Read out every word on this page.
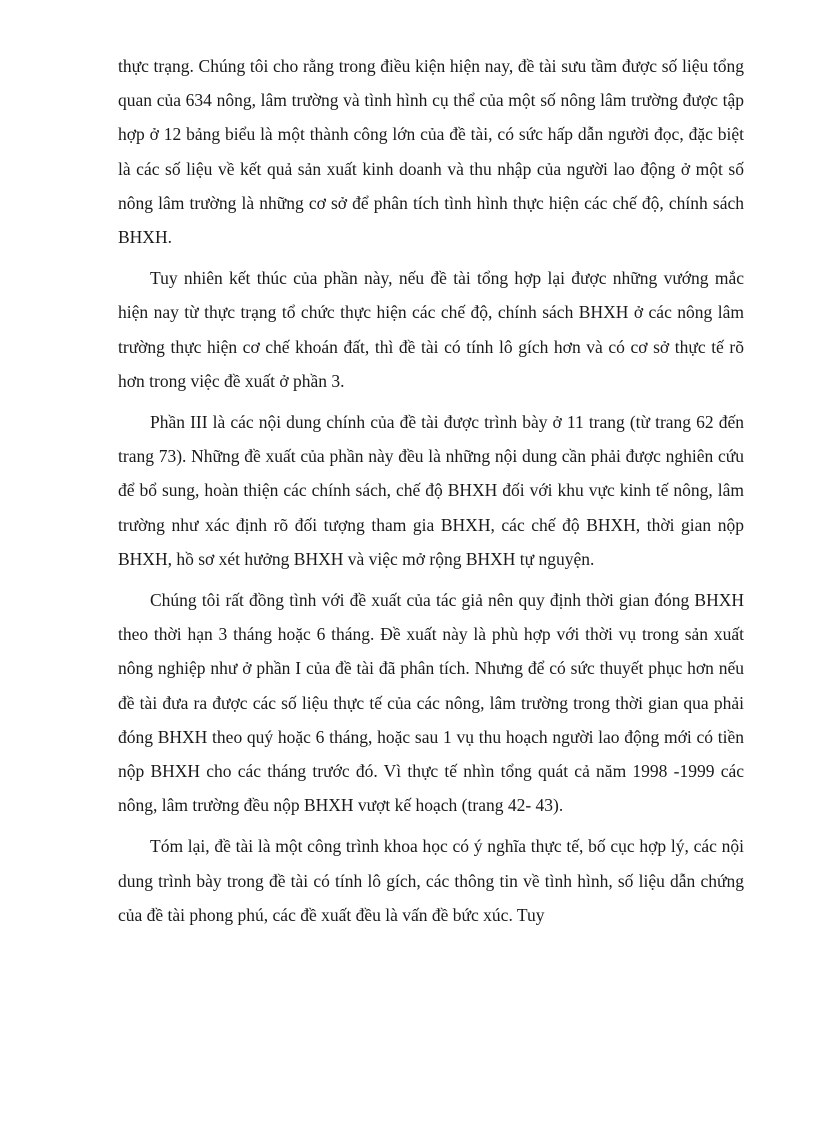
thực trạng. Chúng tôi cho rằng trong điều kiện hiện nay, đề tài sưu tầm được số liệu tổng quan của 634 nông, lâm trường và tình hình cụ thể của một số nông lâm trường được tập hợp ở 12 bảng biểu là một thành công lớn của đề tài, có sức hấp dẫn người đọc, đặc biệt là các số liệu về kết quả sản xuất kinh doanh và thu nhập của người lao động ở một số nông lâm trường là những cơ sở để phân tích tình hình thực hiện các chế độ, chính sách BHXH.

Tuy nhiên kết thúc của phần này, nếu đề tài tổng hợp lại được những vướng mắc hiện nay từ thực trạng tổ chức thực hiện các chế độ, chính sách BHXH ở các nông lâm trường thực hiện cơ chế khoán đất, thì đề tài có tính lô gích hơn và có cơ sở thực tế rõ hơn trong việc đề xuất ở phần 3.

Phần III là các nội dung chính của đề tài được trình bày ở 11 trang (từ trang 62 đến trang 73). Những đề xuất của phần này đều là những nội dung cần phải được nghiên cứu để bổ sung, hoàn thiện các chính sách, chế độ BHXH đối với khu vực kinh tế nông, lâm trường như xác định rõ đối tượng tham gia BHXH, các chế độ BHXH, thời gian nộp BHXH, hồ sơ xét hưởng BHXH và việc mở rộng BHXH tự nguyện.

Chúng tôi rất đồng tình với đề xuất của tác giả nên quy định thời gian đóng BHXH theo thời hạn 3 tháng hoặc 6 tháng. Đề xuất này là phù hợp với thời vụ trong sản xuất nông nghiệp như ở phần I của đề tài đã phân tích. Nhưng để có sức thuyết phục hơn nếu đề tài đưa ra được các số liệu thực tế của các nông, lâm trường trong thời gian qua phải đóng BHXH theo quý hoặc 6 tháng, hoặc sau 1 vụ thu hoạch người lao động mới có tiền nộp BHXH cho các tháng trước đó. Vì thực tế nhìn tổng quát cả năm 1998 -1999 các nông, lâm trường đều nộp BHXH vượt kế hoạch (trang 42- 43).

Tóm lại, đề tài là một công trình khoa học có ý nghĩa thực tế, bố cục hợp lý, các nội dung trình bày trong đề tài có tính lô gích, các thông tin về tình hình, số liệu dẫn chứng của đề tài phong phú, các đề xuất đều là vấn đề bức xúc. Tuy
